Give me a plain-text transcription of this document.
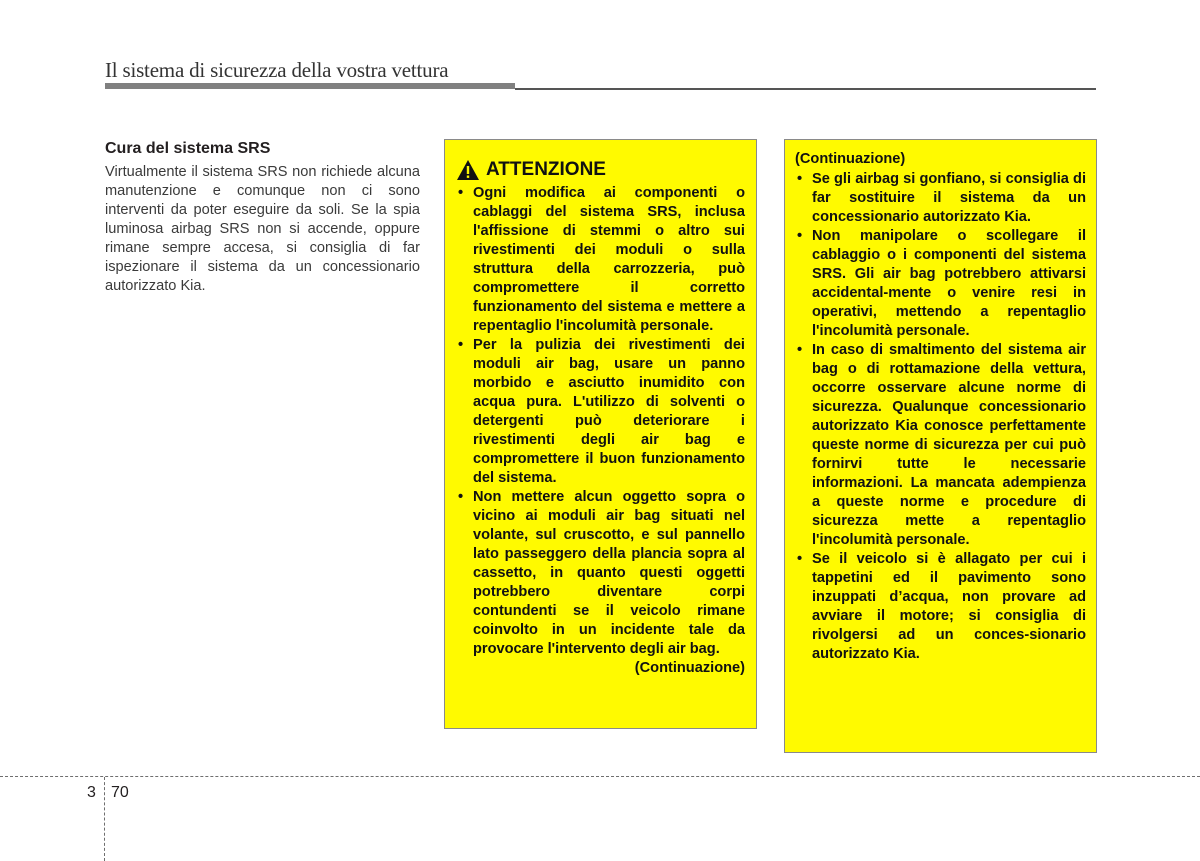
Il sistema di sicurezza della vostra vettura
Cura del sistema SRS
Virtualmente il sistema SRS non richiede alcuna manutenzione e comunque non ci sono interventi da poter eseguire da soli. Se la spia luminosa airbag SRS non si accende, oppure rimane sempre accesa, si consiglia di far ispezionare il sistema da un concessionario autorizzato Kia.
ATTENZIONE
• Ogni modifica ai componenti o cablaggi del sistema SRS, inclusa l'affissione di stemmi o altro sui rivestimenti dei moduli o sulla struttura della carrozzeria, può compromettere il corretto funzionamento del sistema e mettere a repentaglio l'incolumità personale.
• Per la pulizia dei rivestimenti dei moduli air bag, usare un panno morbido e asciutto inumidito con acqua pura. L'utilizzo di solventi o detergenti può deteriorare i rivestimenti degli air bag e compromettere il buon funzionamento del sistema.
• Non mettere alcun oggetto sopra o vicino ai moduli air bag situati nel volante, sul cruscotto, e sul pannello lato passeggero della plancia sopra al cassetto, in quanto questi oggetti potrebbero diventare corpi contundenti se il veicolo rimane coinvolto in un incidente tale da provocare l'intervento degli air bag.
(Continuazione)
(Continuazione)
• Se gli airbag si gonfiano, si consiglia di far sostituire il sistema da un concessionario autorizzato Kia.
• Non manipolare o scollegare il cablaggio o i componenti del sistema SRS. Gli air bag potrebbero attivarsi accidental-mente o venire resi in operativi, mettendo a repentaglio l'incolumità personale.
• In caso di smaltimento del sistema air bag o di rottamazione della vettura, occorre osservare alcune norme di sicurezza. Qualunque concessionario autorizzato Kia conosce perfettamente queste norme di sicurezza per cui può fornirvi tutte le necessarie informazioni. La mancata adempienza a queste norme e procedure di sicurezza mette a repentaglio l'incolumità personale.
• Se il veicolo si è allagato per cui i tappetini ed il pavimento sono inzuppati d’acqua, non provare ad avviare il motore; si consiglia di rivolgersi ad un conces-sionario autorizzato Kia.
3 70
